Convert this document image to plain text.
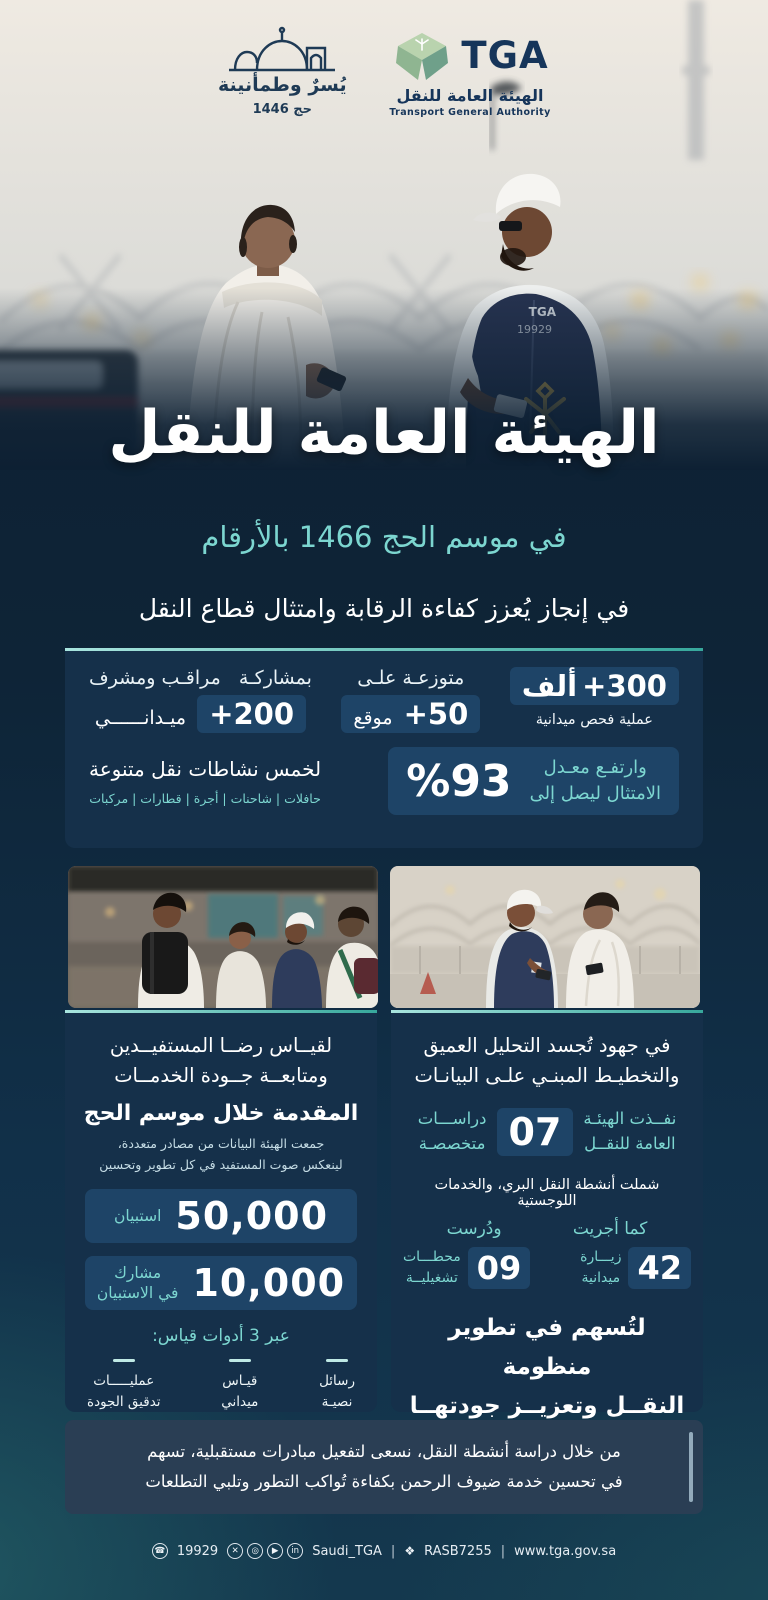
يُسرٌ وطمأنينة
حج 1446
TGA
الهيئة العامة للنقل
Transport General Authority
الهيئة العامة للنقل
في موسم الحج 1466 بالأرقام
في إنجاز يُعزز كفاءة الرقابة وامتثال قطاع النقل
+300 ألف
عملية فحص ميدانية
متوزعـة علـى
+50 موقع
بمشاركـة   مراقـب ومشرف
+200 ميـدانــــــي
وارتفـع معـدل
الامتثال ليصل إلى
%93
لخمس نشاطات نقل متنوعة
حافلات | شاحنات | أجرة | قطارات | مركبات
في جهود تُجسد التحليل العميق
والتخطيـط المبنـي علـى البيانـات
نفــذت الهيئـة
العامة للنقــل
07
دراســـات
متخصصـة
شملت أنشطة النقل البري، والخدمات اللوجستية
كما أجريت
ودُرست
42
زيـــارة
ميدانية
09
محطـــات
تشغيليــة
لتُسهم في تطوير منظومة
النقــل وتعزيــز جودتهــا
لقيــاس رضــا المستفيــدين
ومتابعــة جــودة الخدمــات
المقدمة خلال موسم الحج
جمعت الهيئة البيانات من مصادر متعددة،
لينعكس صوت المستفيد في كل تطوير وتحسين
50,000
استبيان
10,000
مشارك
في الاستبيان
عبر 3 أدوات قياس:
رسائل
نصيـة
قيـاس
ميداني
عمليـــــات
تدقيق الجودة

من خلال دراسة أنشطة النقل، نسعى لتفعيل مبادرات مستقبلية، تسهم
في تحسين خدمة ضيوف الرحمن بكفاءة تُواكب التطور وتلبي التطلعات

☎ 19929	✕	◎	▶	in	Saudi_TGA | ❖ RASB7255 | www.tga.gov.sa
